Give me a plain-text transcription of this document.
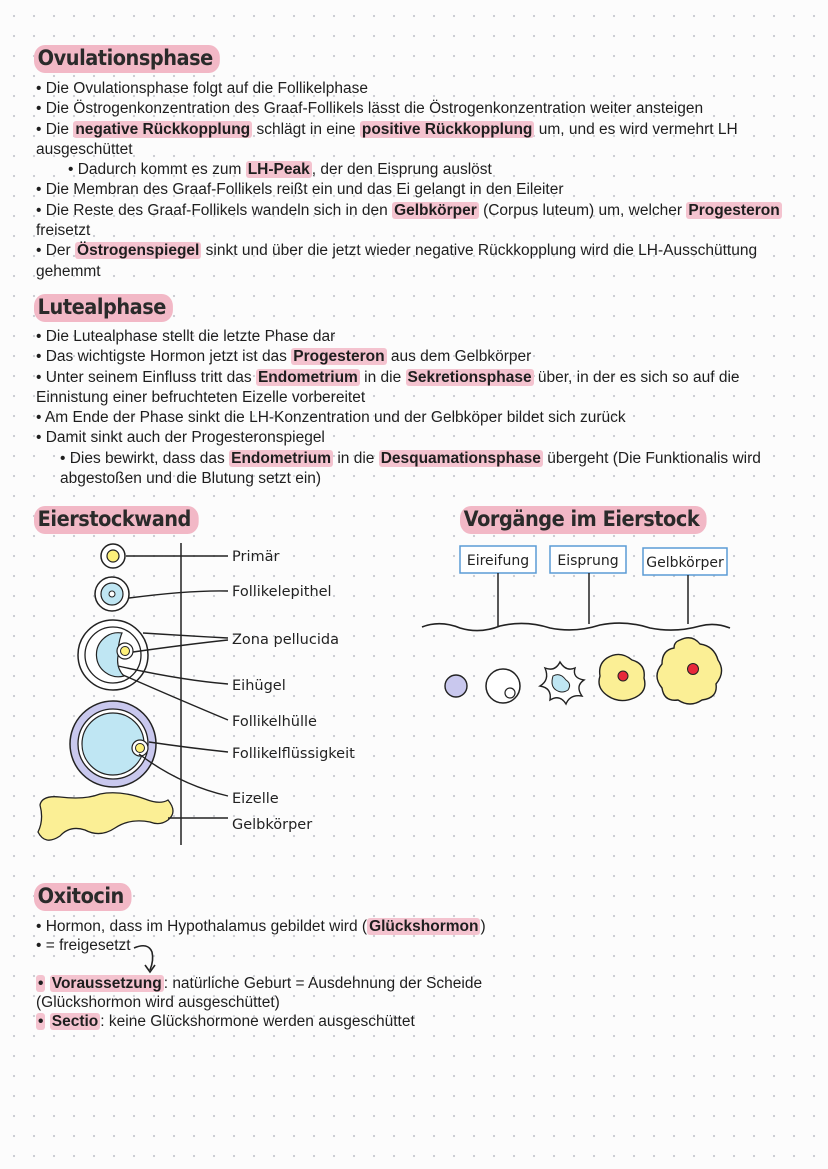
Ovulationsphase
• Die Ovulationsphase folgt auf die Follikelphase
• Die Östrogenkonzentration des Graaf-Follikels lässt die Östrogenkonzentration weiter ansteigen
• Die negative Rückkopplung schlägt in eine positive Rückkopplung um, und es wird vermehrt LH ausgeschüttet
• Dadurch kommt es zum LH-Peak , der den Eisprung auslöst
• Die Membran des Graaf-Follikels reißt ein und das Ei gelangt in den Eileiter
• Die Reste des Graaf-Follikels wandeln sich in den Gelbkörper (Corpus luteum) um, welcher Progesteron freisetzt
• Der Östrogenspiegel sinkt und über die jetzt wieder negative Rückkopplung wird die LH-Ausschüttung gehemmt
Lutealphase
• Die Lutealphase stellt die letzte Phase dar
• Das wichtigste Hormon jetzt ist das Progesteron aus dem Gelbkörper
• Unter seinem Einfluss tritt das Endometrium in die Sekretionsphase über, in der es sich so auf die Einnistung einer befruchteten Eizelle vorbereitet
• Am Ende der Phase sinkt die LH-Konzentration und der Gelbköper bildet sich zurück
• Damit sinkt auch der Progesteronspiegel
• Dies bewirkt, dass das Endometrium in die Desquamationsphase übergeht (Die Funktionalis wird abgestoßen und die Blutung setzt ein)
Eierstockwand
Primär
Follikelepithel
Zona pellucida
Eihügel
Follikelhülle
Follikelflüssigkeit
Eizelle
Gelbkörper
Vorgänge im Eierstock
Eireifung Eisprung Gelbkörper
Oxitocin
• Hormon, dass im Hypothalamus gebildet wird ( Glückshormon )
• = freigesetzt
• Voraussetzung : natürliche Geburt = Ausdehnung der Scheide
(Glückshormon wird ausgeschüttet)
• Sectio : keine Glückshormone werden ausgeschüttet
